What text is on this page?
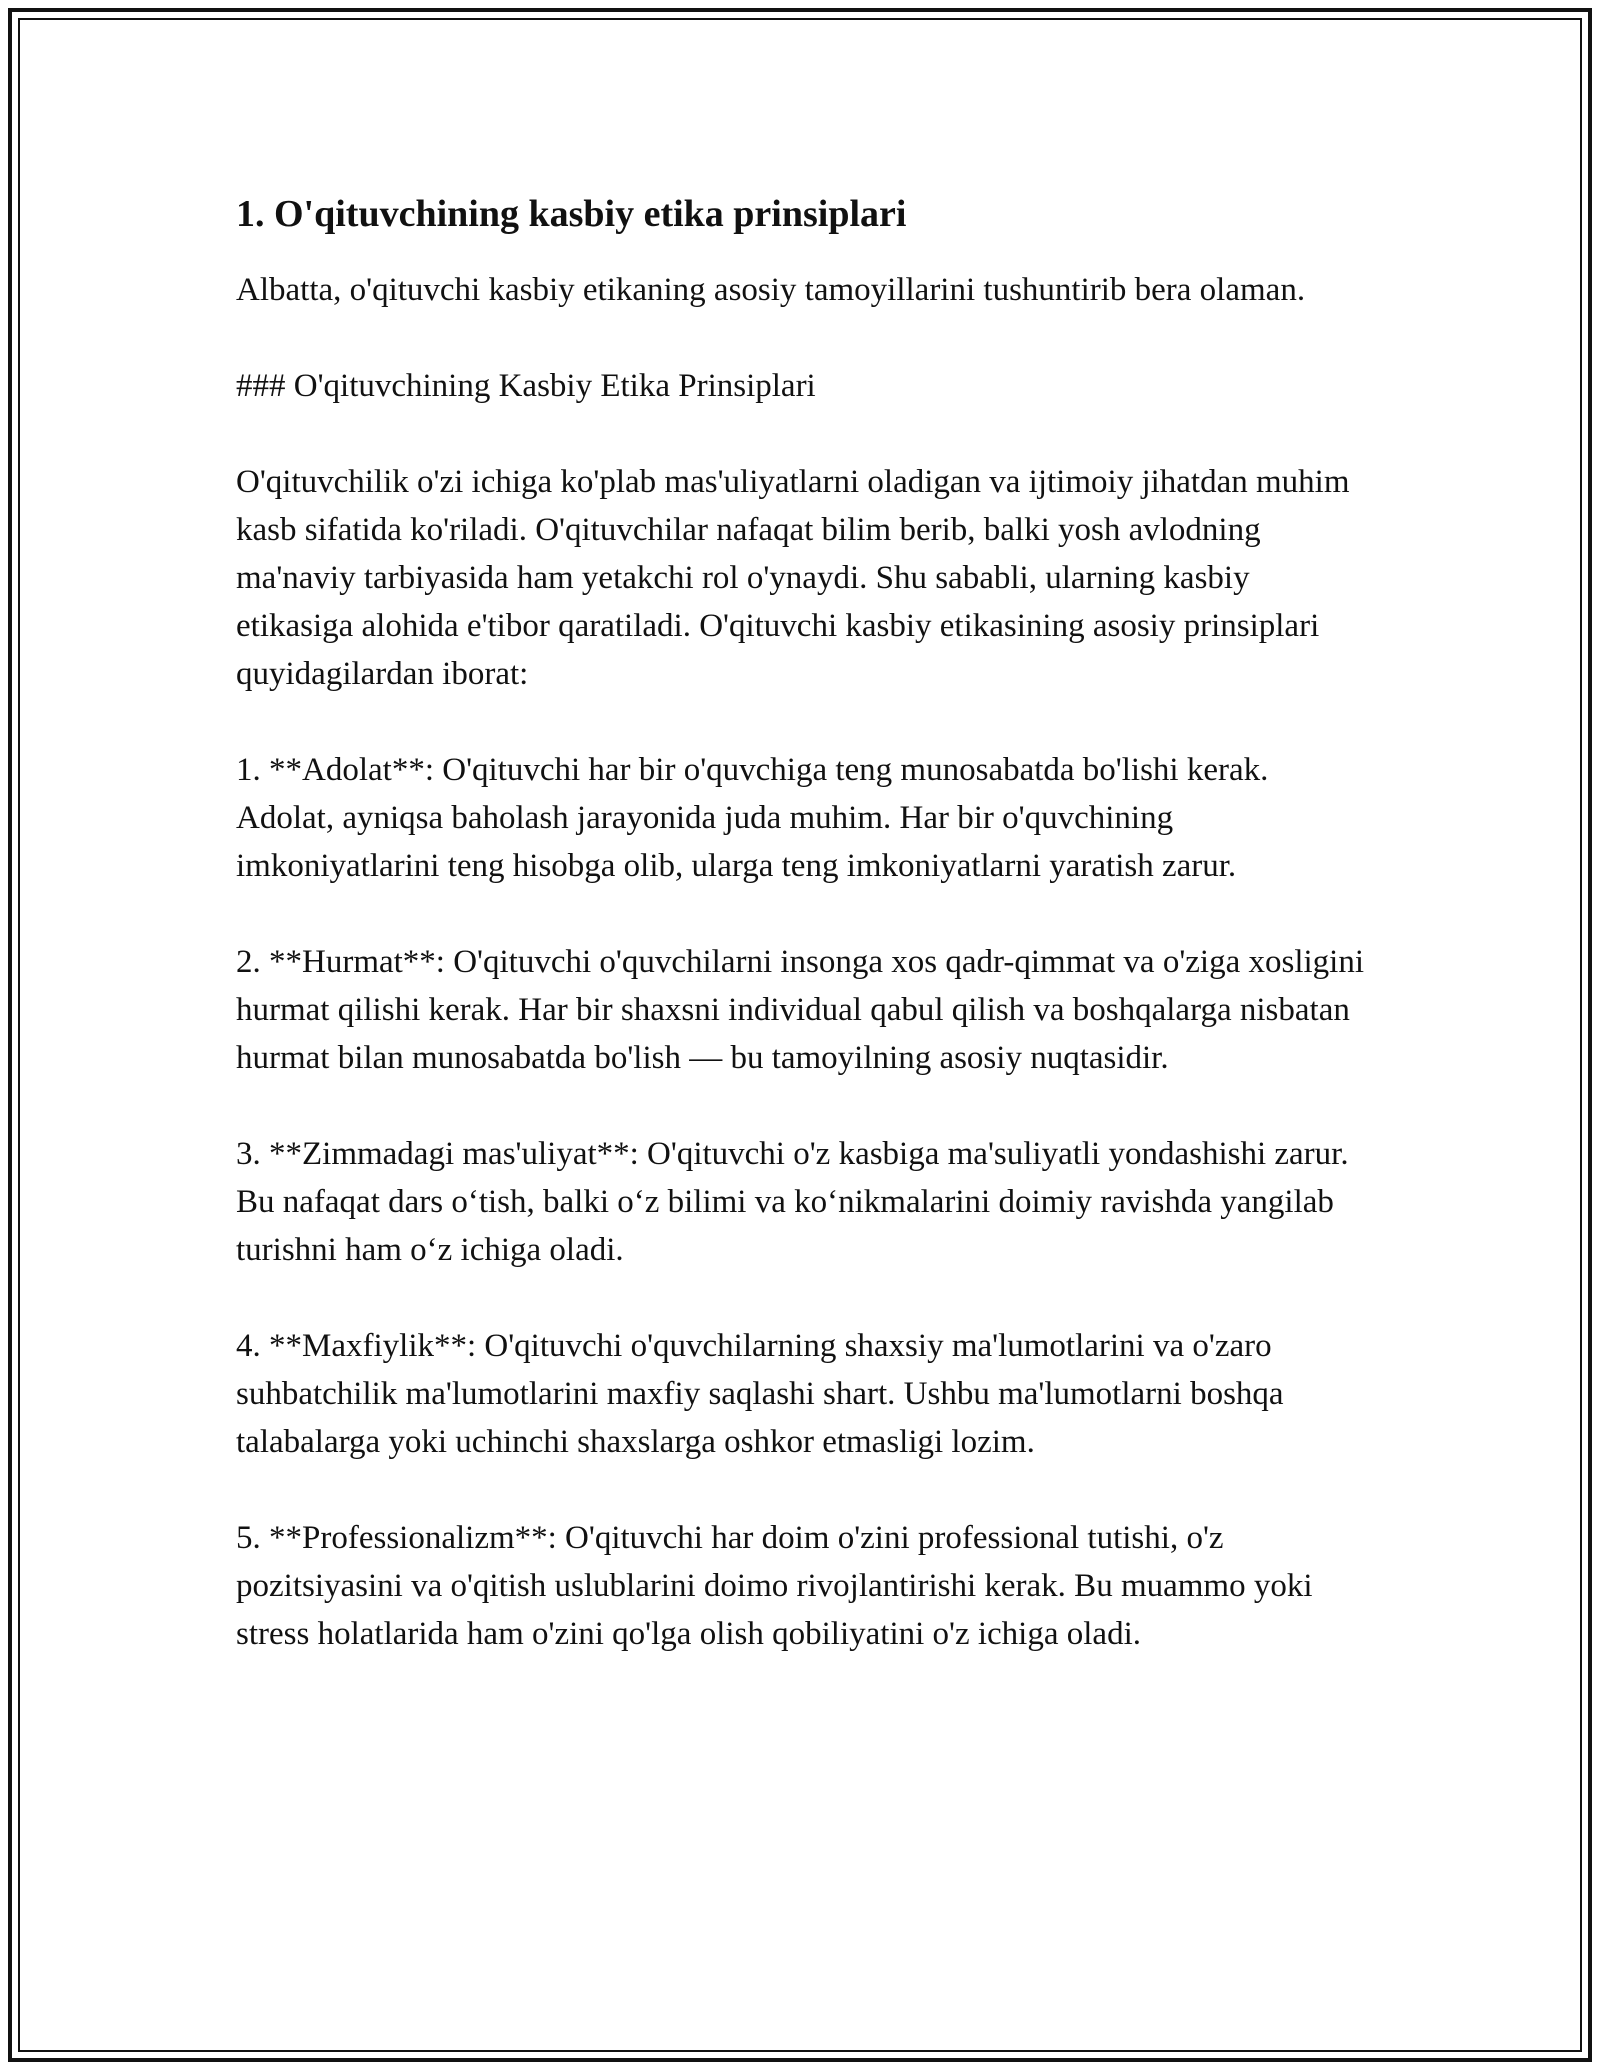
1. O'qituvchining kasbiy etika prinsiplari

Albatta, o'qituvchi kasbiy etikaning asosiy tamoyillarini tushuntirib bera olaman.

### O'qituvchining Kasbiy Etika Prinsiplari

O'qituvchilik o'zi ichiga ko'plab mas'uliyatlarni oladigan va ijtimoiy jihatdan muhim kasb sifatida ko'riladi. O'qituvchilar nafaqat bilim berib, balki yosh avlodning ma'naviy tarbiyasida ham yetakchi rol o'ynaydi. Shu sababli, ularning kasbiy etikasiga alohida e'tibor qaratiladi. O'qituvchi kasbiy etikasining asosiy prinsiplari quyidagilardan iborat:

1. **Adolat**: O'qituvchi har bir o'quvchiga teng munosabatda bo'lishi kerak. Adolat, ayniqsa baholash jarayonida juda muhim. Har bir o'quvchining imkoniyatlarini teng hisobga olib, ularga teng imkoniyatlarni yaratish zarur.

2. **Hurmat**: O'qituvchi o'quvchilarni insonga xos qadr-qimmat va o'ziga xosligini hurmat qilishi kerak. Har bir shaxsni individual qabul qilish va boshqalarga nisbatan hurmat bilan munosabatda bo'lish — bu tamoyilning asosiy nuqtasidir.

3. **Zimmadagi mas'uliyat**: O'qituvchi o'z kasbiga ma'suliyatli yondashishi zarur. Bu nafaqat dars o‘tish, balki o‘z bilimi va ko‘nikmalarini doimiy ravishda yangilab turishni ham o‘z ichiga oladi.

4. **Maxfiylik**: O'qituvchi o'quvchilarning shaxsiy ma'lumotlarini va o'zaro suhbatchilik ma'lumotlarini maxfiy saqlashi shart. Ushbu ma'lumotlarni boshqa talabalarga yoki uchinchi shaxslarga oshkor etmasligi lozim.

5. **Professionalizm**: O'qituvchi har doim o'zini professional tutishi, o'z pozitsiyasini va o'qitish uslublarini doimo rivojlantirishi kerak. Bu muammo yoki stress holatlarida ham o'zini qo'lga olish qobiliyatini o'z ichiga oladi.
